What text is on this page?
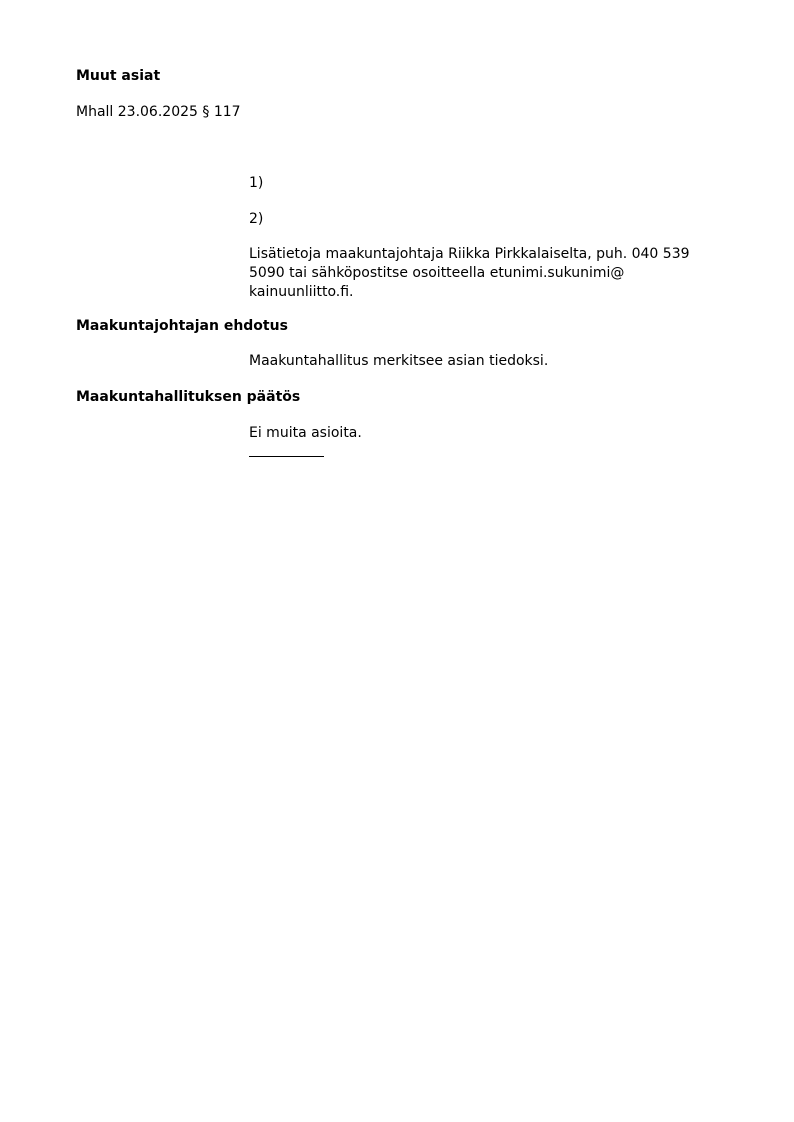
Muut asiat
Mhall 23.06.2025 § 117
1)
2)
Lisätietoja maakuntajohtaja Riikka Pirkkalaiselta, puh. 040 539
5090 tai sähköpostitse osoitteella etunimi.sukunimi@
kainuunliitto.fi.
Maakuntajohtajan ehdotus
Maakuntahallitus merkitsee asian tiedoksi.
Maakuntahallituksen päätös
Ei muita asioita.
